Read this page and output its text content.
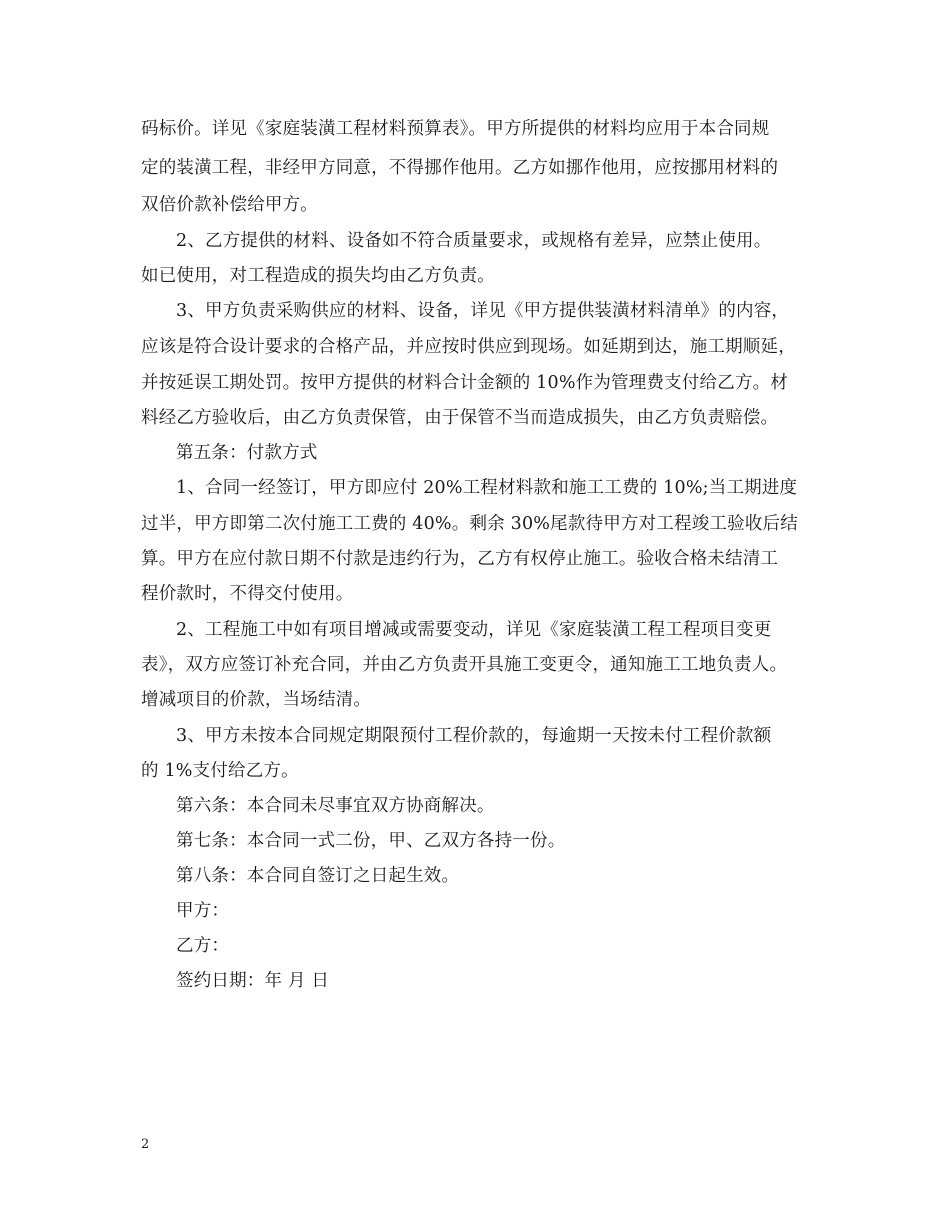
码标价。详见《家庭装潢工程材料预算表》。甲方所提供的材料均应用于本合同规
定的装潢工程，非经甲方同意，不得挪作他用。乙方如挪作他用，应按挪用材料的
双倍价款补偿给甲方。
2、乙方提供的材料、设备如不符合质量要求，或规格有差异，应禁止使用。
如已使用，对工程造成的损失均由乙方负责。
3、甲方负责采购供应的材料、设备，详见《甲方提供装潢材料清单》的内容，
应该是符合设计要求的合格产品，并应按时供应到现场。如延期到达，施工期顺延，
并按延误工期处罚。按甲方提供的材料合计金额的 10%作为管理费支付给乙方。材
料经乙方验收后，由乙方负责保管，由于保管不当而造成损失，由乙方负责赔偿。
第五条：付款方式
1、合同一经签订，甲方即应付 20%工程材料款和施工工费的 10%;当工期进度
过半，甲方即第二次付施工工费的 40%。剩余 30%尾款待甲方对工程竣工验收后结
算。甲方在应付款日期不付款是违约行为，乙方有权停止施工。验收合格未结清工
程价款时，不得交付使用。
2、工程施工中如有项目增减或需要变动，详见《家庭装潢工程工程项目变更
表》，双方应签订补充合同，并由乙方负责开具施工变更令，通知施工工地负责人。
增减项目的价款，当场结清。
3、甲方未按本合同规定期限预付工程价款的，每逾期一天按未付工程价款额
的 1%支付给乙方。
第六条：本合同未尽事宜双方协商解决。
第七条：本合同一式二份，甲、乙双方各持一份。
第八条：本合同自签订之日起生效。
甲方：
乙方：
签约日期：年 月 日
2
